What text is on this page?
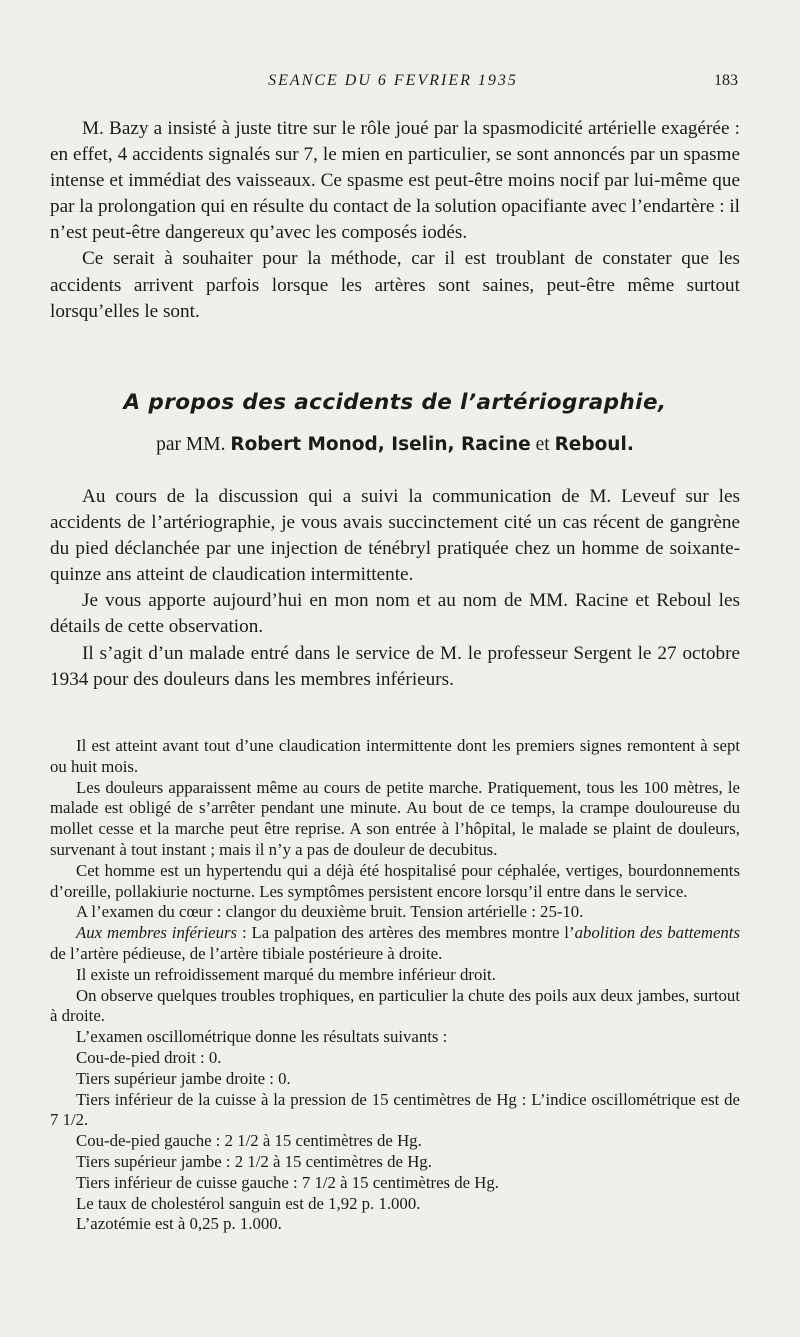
SEANCE DU 6 FEVRIER 1935	183

M. Bazy a insisté à juste titre sur le rôle joué par la spasmodicité artérielle exagérée : en effet, 4 accidents signalés sur 7, le mien en particulier, se sont annoncés par un spasme intense et immédiat des vaisseaux. Ce spasme est peut-être moins nocif par lui-même que par la prolongation qui en résulte du contact de la solution opacifiante avec l’endartère : il n’est peut-être dangereux qu’avec les composés iodés.

Ce serait à souhaiter pour la méthode, car il est troublant de constater que les accidents arrivent parfois lorsque les artères sont saines, peut-être même surtout lorsqu’elles le sont.

A propos des accidents de l’artériographie,
par MM. Robert Monod, Iselin, Racine et Reboul.

Au cours de la discussion qui a suivi la communication de M. Leveuf sur les accidents de l’artériographie, je vous avais succinctement cité un cas récent de gangrène du pied déclanchée par une injection de ténébryl pratiquée chez un homme de soixante-quinze ans atteint de claudication intermittente.

Je vous apporte aujourd’hui en mon nom et au nom de MM. Racine et Reboul les détails de cette observation.

Il s’agit d’un malade entré dans le service de M. le professeur Sergent le 27 octobre 1934 pour des douleurs dans les membres inférieurs.

Il est atteint avant tout d’une claudication intermittente dont les premiers signes remontent à sept ou huit mois.

Les douleurs apparaissent même au cours de petite marche. Pratiquement, tous les 100 mètres, le malade est obligé de s’arrêter pendant une minute. Au bout de ce temps, la crampe douloureuse du mollet cesse et la marche peut être reprise. A son entrée à l’hôpital, le malade se plaint de douleurs, survenant à tout instant ; mais il n’y a pas de douleur de decubitus.

Cet homme est un hypertendu qui a déjà été hospitalisé pour céphalée, vertiges, bourdonnements d’oreille, pollakiurie nocturne. Les symptômes persistent encore lorsqu’il entre dans le service.

A l’examen du cœur : clangor du deuxième bruit. Tension artérielle : 25-10.

Aux membres inférieurs : La palpation des artères des membres montre l’abolition des battements de l’artère pédieuse, de l’artère tibiale postérieure à droite.

Il existe un refroidissement marqué du membre inférieur droit.

On observe quelques troubles trophiques, en particulier la chute des poils aux deux jambes, surtout à droite.

L’examen oscillométrique donne les résultats suivants :

Cou-de-pied droit : 0.

Tiers supérieur jambe droite : 0.

Tiers inférieur de la cuisse à la pression de 15 centimètres de Hg : L’indice oscillométrique est de 7 1/2.

Cou-de-pied gauche : 2 1/2 à 15 centimètres de Hg.

Tiers supérieur jambe : 2 1/2 à 15 centimètres de Hg.

Tiers inférieur de cuisse gauche : 7 1/2 à 15 centimètres de Hg.

Le taux de cholestérol sanguin est de 1,92 p. 1.000.

L’azotémie est à 0,25 p. 1.000.
